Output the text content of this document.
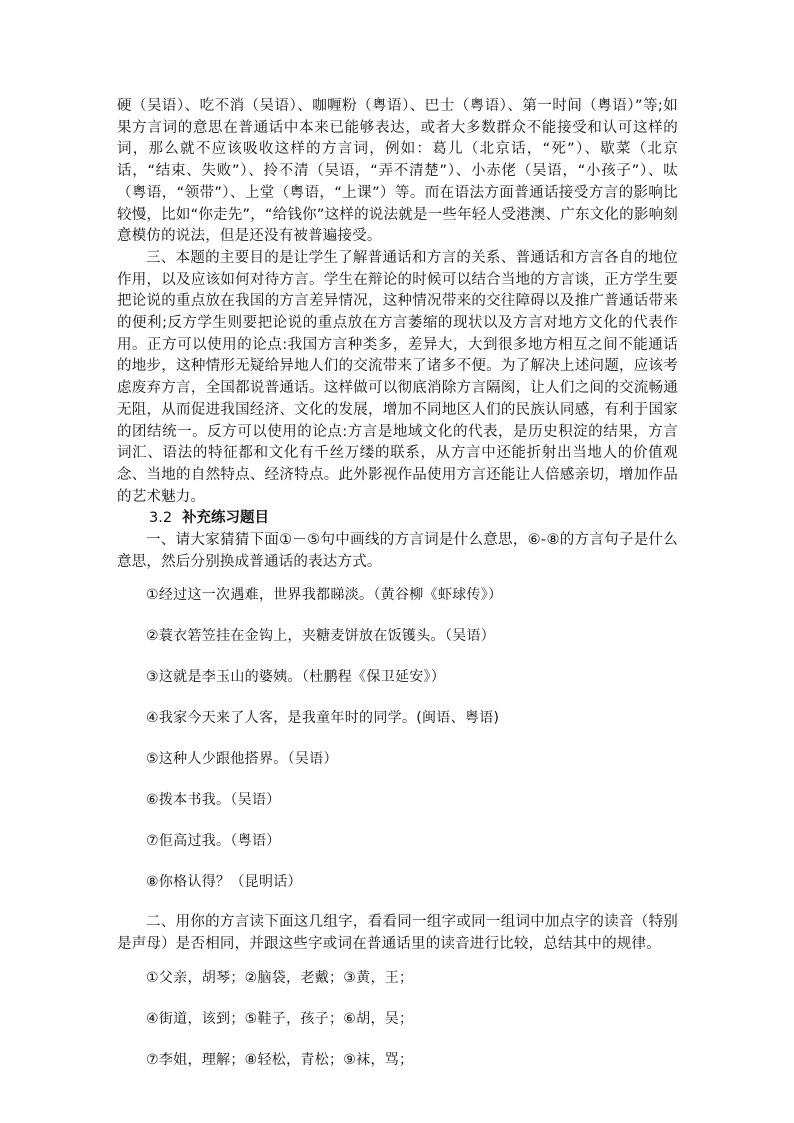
硬（吴语）、吃不消（吴语）、咖喱粉（粤语）、巴士（粤语）、第一时间（粤语）”等;如果方言词的意思在普通话中本来已能够表达，或者大多数群众不能接受和认可这样的词，那么就不应该吸收这样的方言词，例如：葛儿（北京话，“死”）、歇菜（北京话，“结束、失败”）、拎不清（吴语，“弄不清楚”）、小赤佬（吴语，“小孩子”）、呔（粤语，“领带”）、上堂（粤语，“上课”）等。而在语法方面普通话接受方言的影响比较慢，比如“你走先”，“给钱你”这样的说法就是一些年轻人受港澳、广东文化的影响刻意模仿的说法，但是还没有被普遍接受。

三、本题的主要目的是让学生了解普通话和方言的关系、普通话和方言各自的地位作用，以及应该如何对待方言。学生在辩论的时候可以结合当地的方言谈，正方学生要把论说的重点放在我国的方言差异情况，这种情况带来的交往障碍以及推广普通话带来的便利;反方学生则要把论说的重点放在方言萎缩的现状以及方言对地方文化的代表作用。正方可以使用的论点:我国方言种类多，差异大，大到很多地方相互之间不能通话的地步，这种情形无疑给异地人们的交流带来了诸多不便。为了解决上述问题，应该考虑废弃方言，全国都说普通话。这样做可以彻底消除方言隔阂，让人们之间的交流畅通无阻，从而促进我国经济、文化的发展，增加不同地区人们的民族认同感，有利于国家的团结统一。反方可以使用的论点:方言是地域文化的代表，是历史积淀的结果，方言词汇、语法的特征都和文化有千丝万缕的联系，从方言中还能折射出当地人的价值观念、当地的自然特点、经济特点。此外影视作品使用方言还能让人倍感亲切，增加作品的艺术魅力。

3.2 补充练习题目

一、请大家猜猜下面①－⑤句中画线的方言词是什么意思，⑥-⑧的方言句子是什么意思，然后分别换成普通话的表达方式。

①经过这一次遇难，世界我都睇淡。（黄谷柳《虾球传》）

②蓑衣箬笠挂在金钩上，夹糖麦饼放在饭镬头。（吴语）

③这就是李玉山的婆姨。（杜鹏程《保卫延安》）

④我家今天来了人客，是我童年时的同学。(闽语、粤语)

⑤这种人少跟他搭界。（吴语）

⑥拨本书我。（吴语）

⑦佢高过我。（粤语）

⑧你格认得？（昆明话）

二、用你的方言读下面这几组字，看看同一组字或同一组词中加点字的读音（特别是声母）是否相同，并跟这些字或词在普通话里的读音进行比较，总结其中的规律。

①父亲，胡琴；②脑袋，老戴；③黄，王；

④街道，该到；⑤鞋子，孩子；⑥胡，吴；

⑦李姐，理解；⑧轻松，青松；⑨袜，骂；
